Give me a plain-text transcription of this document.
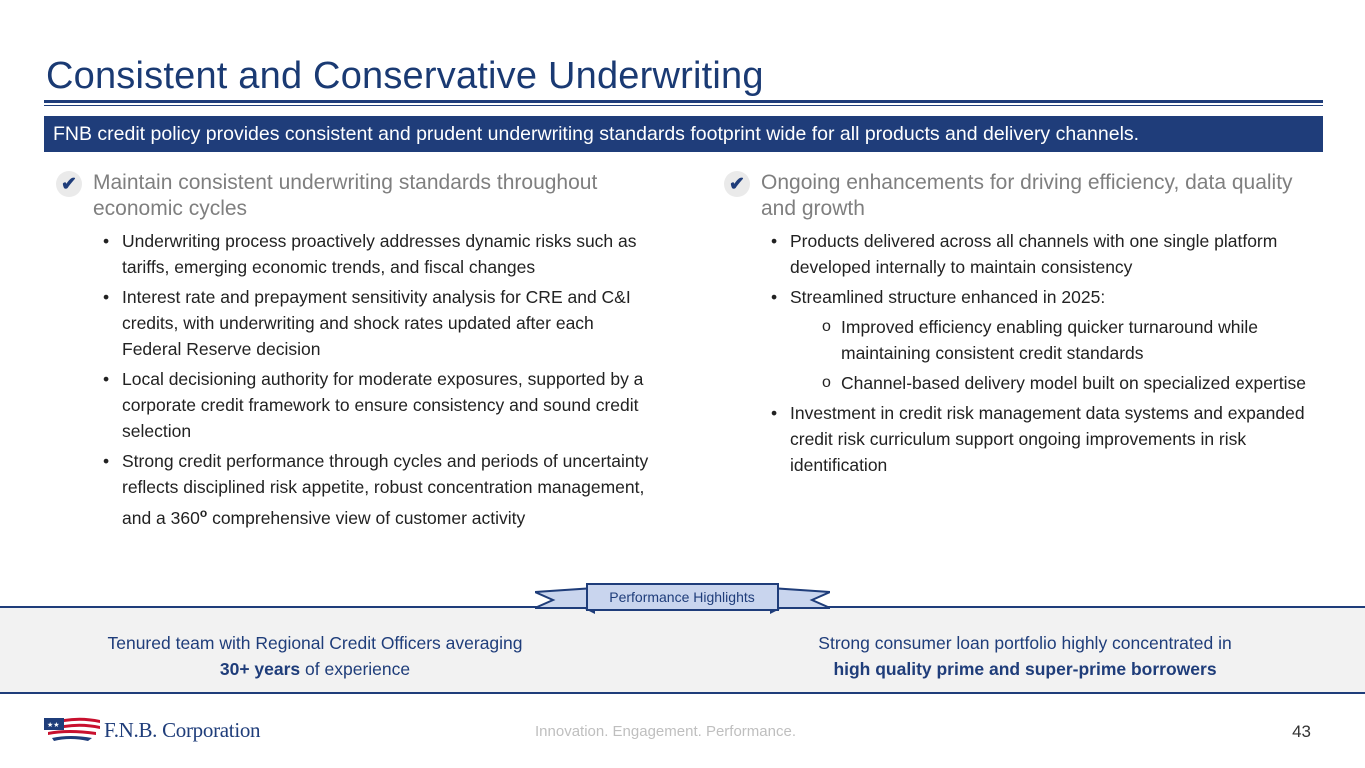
Consistent and Conservative Underwriting
FNB credit policy provides consistent and prudent underwriting standards footprint wide for all products and delivery channels.
✔ Maintain consistent underwriting standards throughout economic cycles
• Underwriting process proactively addresses dynamic risks such as tariffs, emerging economic trends, and fiscal changes
• Interest rate and prepayment sensitivity analysis for CRE and C&I credits, with underwriting and shock rates updated after each Federal Reserve decision
• Local decisioning authority for moderate exposures, supported by a corporate credit framework to ensure consistency and sound credit selection
• Strong credit performance through cycles and periods of uncertainty reflects disciplined risk appetite, robust concentration management, and a 360$^o$ comprehensive view of customer activity
✔ Ongoing enhancements for driving efficiency, data quality and growth
• Products delivered across all channels with one single platform developed internally to maintain consistency
• Streamlined structure enhanced in 2025:
o Improved efficiency enabling quicker turnaround while maintaining consistent credit standards
o Channel-based delivery model built on specialized expertise
• Investment in credit risk management data systems and expanded credit risk curriculum support ongoing improvements in risk identification
Performance Highlights
Tenured team with Regional Credit Officers averaging
30+ years of experience
Strong consumer loan portfolio highly concentrated in
high quality prime and super-prime borrowers
★★ F.N.B. Corporation	Innovation. Engagement. Performance.	43
